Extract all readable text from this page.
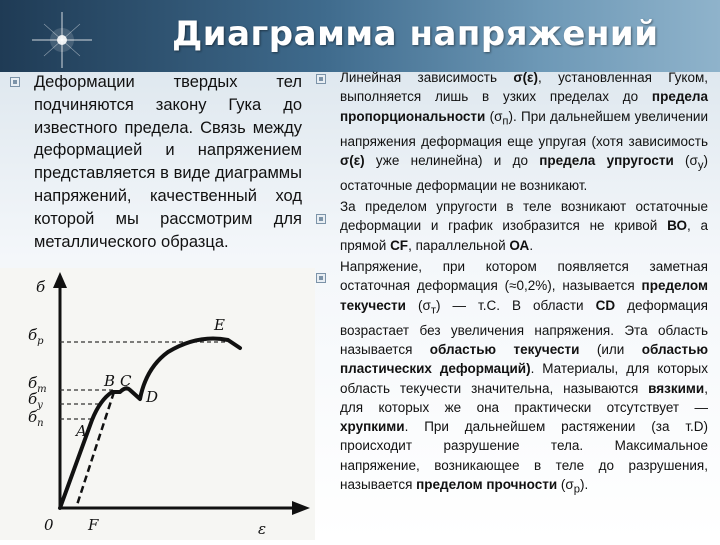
Диаграмма напряжений
Деформации твердых тел подчиняются закону Гука до известного предела. Связь между деформацией и напряжением представляется в виде диаграммы напряжений, качественный ход которой мы рассмотрим для металлического образца.

Линейная зависимость σ(ε), установленная Гуком, выполняется лишь в узких пределах до предела пропорциональности $(\sigma_п)$. При дальнейшем увеличении напряжения деформация еще упругая (хотя зависимость σ(ε) уже нелинейна) и до предела упругости $(\sigma_у)$ остаточные деформации не возникают.

За пределом упругости в теле возникают остаточные деформации и график изобразится не кривой ВО, а прямой CF, параллельной ОА.

Напряжение, при котором появляется заметная остаточная деформация (≈0,2%), называется пределом текучести $(\sigma_т)$ — т.С. В области CD деформация возрастает без увеличения напряжения. Эта область называется областью текучести (или областью пластических деформаций). Материалы, для которых область текучести значительна, называются вязкими, для которых же она практически отсутствует — хрупкими. При дальнейшем растяжении (за т.D) происходит разрушение тела. Максимальное напряжение, возникающее в теле до разрушения, называется пределом прочности $(\sigma_р)$.

б
ε
0 F
$б_р$
$б_т$
$б_у$
$б_п$ A
B C
D
E
